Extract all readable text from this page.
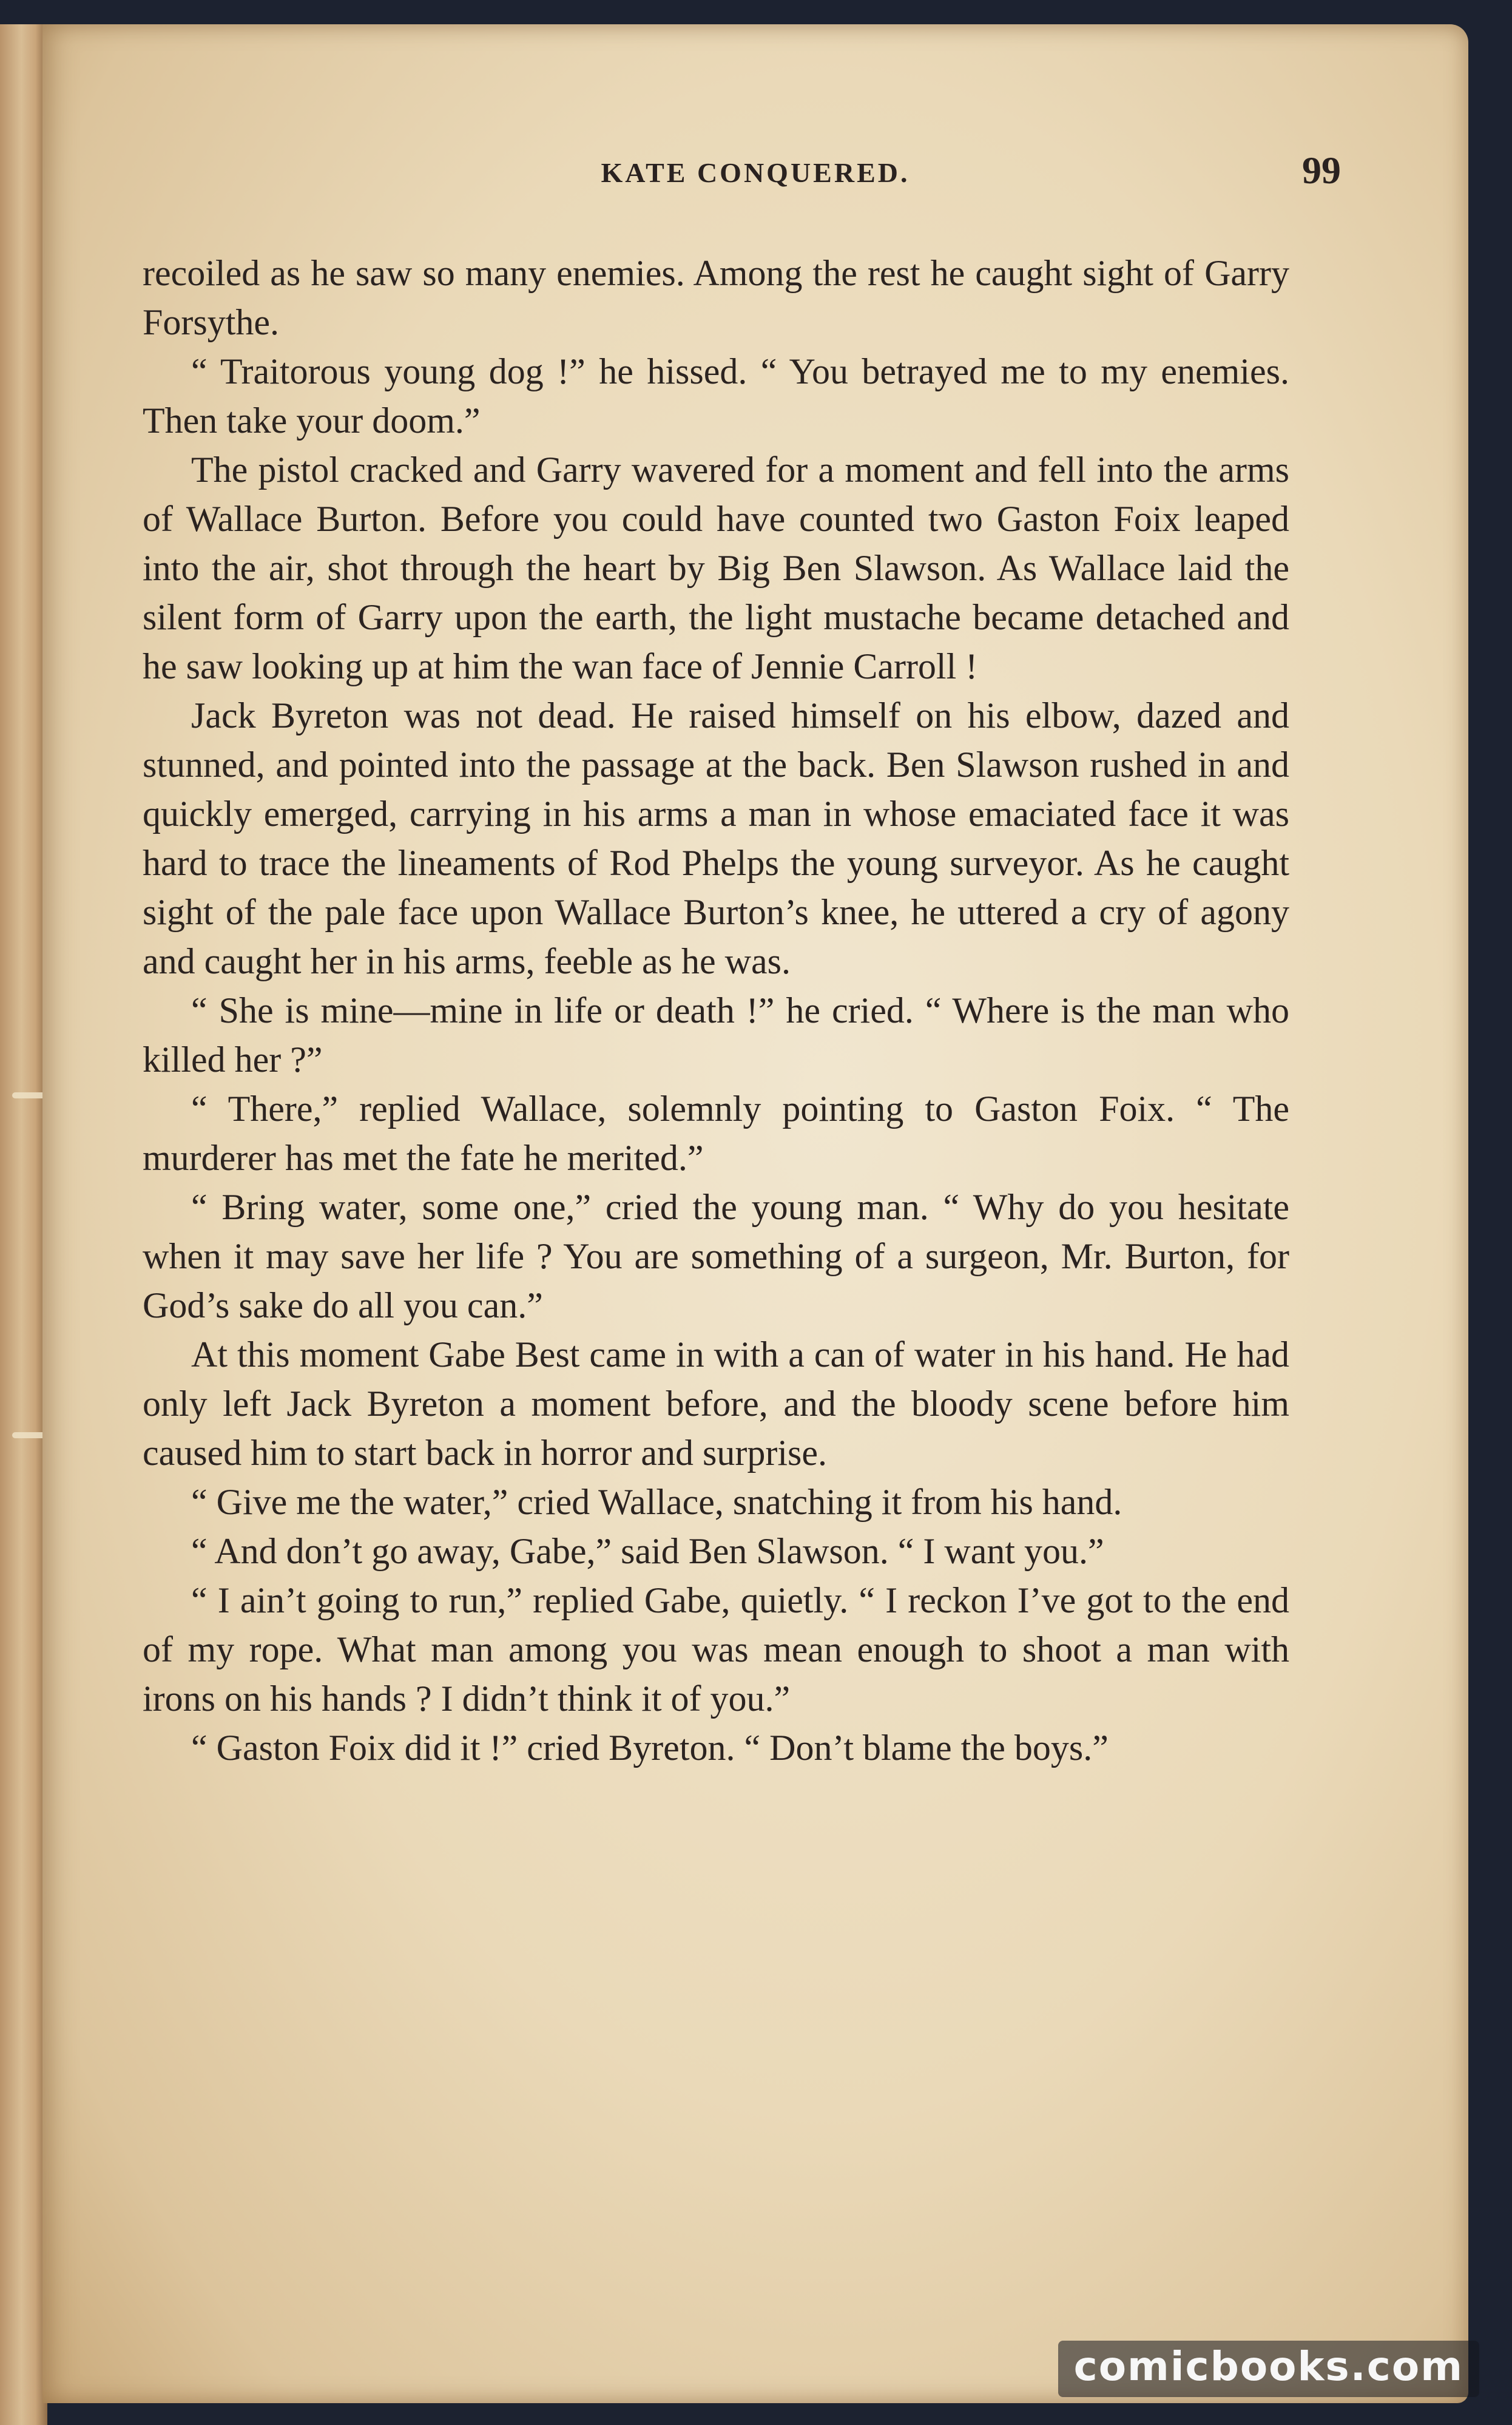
KATE CONQUERED.	99

recoiled as he saw so many enemies. Among the rest he caught sight of Garry Forsythe.

“ Traitorous young dog !” he hissed. “ You betrayed me to my enemies. Then take your doom.”

The pistol cracked and Garry wavered for a moment and fell into the arms of Wallace Burton. Before you could have counted two Gaston Foix leaped into the air, shot through the heart by Big Ben Slawson. As Wallace laid the silent form of Garry upon the earth, the light mustache became detached and he saw looking up at him the wan face of Jennie Carroll !

Jack Byreton was not dead. He raised himself on his elbow, dazed and stunned, and pointed into the passage at the back. Ben Slawson rushed in and quickly emerged, carrying in his arms a man in whose emaciated face it was hard to trace the lineaments of Rod Phelps the young surveyor. As he caught sight of the pale face upon Wallace Burton’s knee, he uttered a cry of agony and caught her in his arms, feeble as he was.

“ She is mine—mine in life or death !” he cried. “ Where is the man who killed her ?”

“ There,” replied Wallace, solemnly pointing to Gaston Foix. “ The murderer has met the fate he merited.”

“ Bring water, some one,” cried the young man. “ Why do you hesitate when it may save her life ? You are something of a surgeon, Mr. Burton, for God’s sake do all you can.”

At this moment Gabe Best came in with a can of water in his hand. He had only left Jack Byreton a moment before, and the bloody scene before him caused him to start back in horror and surprise.

“ Give me the water,” cried Wallace, snatching it from his hand.

“ And don’t go away, Gabe,” said Ben Slawson. “ I want you.”

“ I ain’t going to run,” replied Gabe, quietly. “ I reckon I’ve got to the end of my rope. What man among you was mean enough to shoot a man with irons on his hands ? I didn’t think it of you.”

“ Gaston Foix did it !” cried Byreton. “ Don’t blame the boys.”

comicbooks.com
